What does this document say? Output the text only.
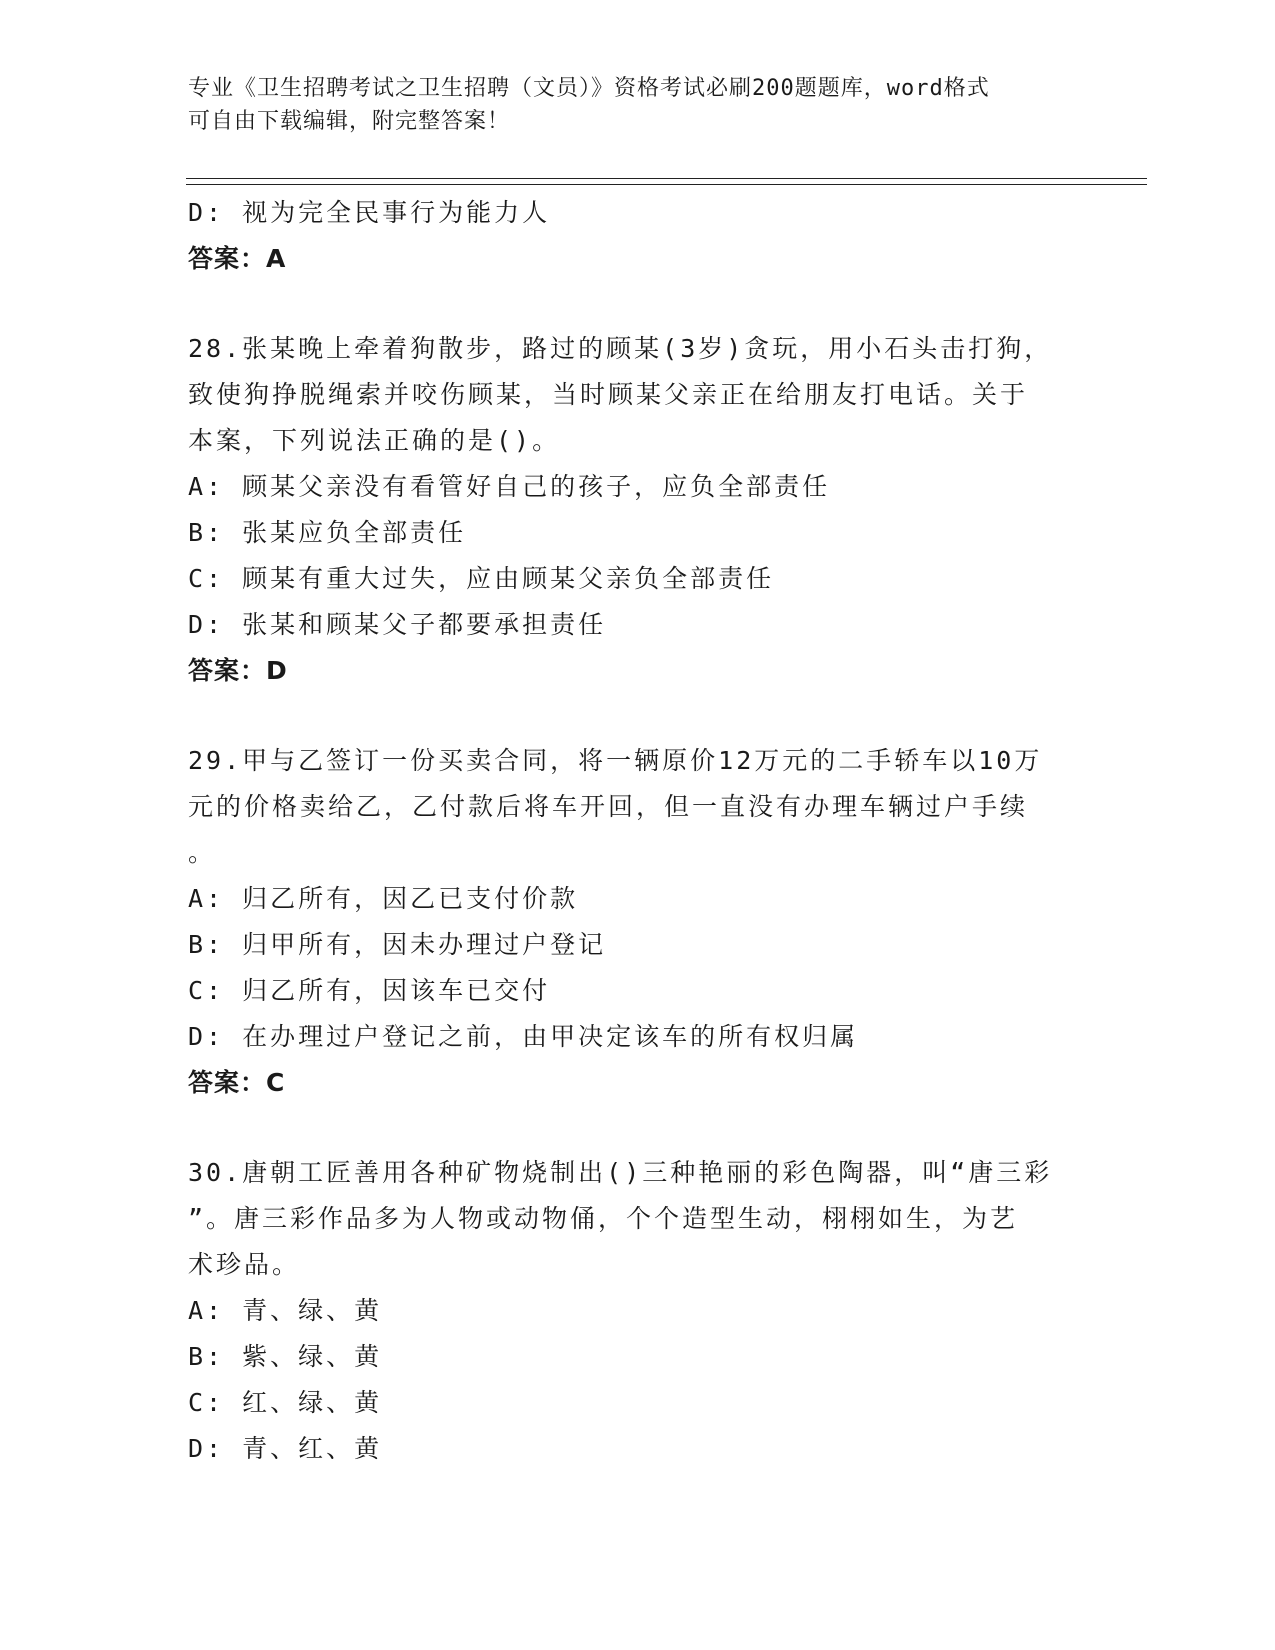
专业《卫生招聘考试之卫生招聘（文员）》资格考试必刷200题题库，word格式
可自由下载编辑，附完整答案！
D: 视为完全民事行为能力人
答案：A
28.张某晚上牵着狗散步，路过的顾某(3岁)贪玩，用小石头击打狗，
致使狗挣脱绳索并咬伤顾某，当时顾某父亲正在给朋友打电话。关于
本案，下列说法正确的是()。
A: 顾某父亲没有看管好自己的孩子，应负全部责任
B: 张某应负全部责任
C: 顾某有重大过失，应由顾某父亲负全部责任
D: 张某和顾某父子都要承担责任
答案：D
29.甲与乙签订一份买卖合同，将一辆原价12万元的二手轿车以10万
元的价格卖给乙，乙付款后将车开回，但一直没有办理车辆过户手续
。
A: 归乙所有，因乙已支付价款
B: 归甲所有，因未办理过户登记
C: 归乙所有，因该车已交付
D: 在办理过户登记之前，由甲决定该车的所有权归属
答案：C
30.唐朝工匠善用各种矿物烧制出()三种艳丽的彩色陶器，叫“唐三彩
”。唐三彩作品多为人物或动物俑，个个造型生动，栩栩如生，为艺
术珍品。
A: 青、绿、黄
B: 紫、绿、黄
C: 红、绿、黄
D: 青、红、黄
